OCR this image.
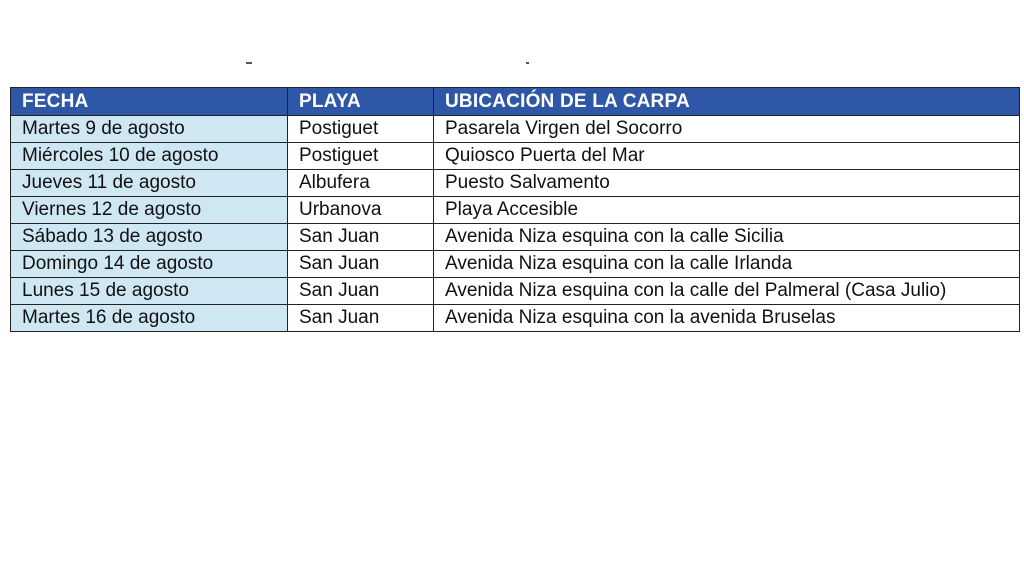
FECHA	PLAYA	UBICACIÓN DE LA CARPA
Martes 9 de agosto	Postiguet	Pasarela Virgen del Socorro
Miércoles 10 de agosto	Postiguet	Quiosco Puerta del Mar
Jueves 11 de agosto	Albufera	Puesto Salvamento
Viernes 12 de agosto	Urbanova	Playa Accesible
Sábado 13 de agosto	San Juan	Avenida Niza esquina con la calle Sicilia
Domingo 14 de agosto	San Juan	Avenida Niza esquina con la calle Irlanda
Lunes 15 de agosto	San Juan	Avenida Niza esquina con la calle del Palmeral (Casa Julio)
Martes 16 de agosto	San Juan	Avenida Niza esquina con la avenida Bruselas
